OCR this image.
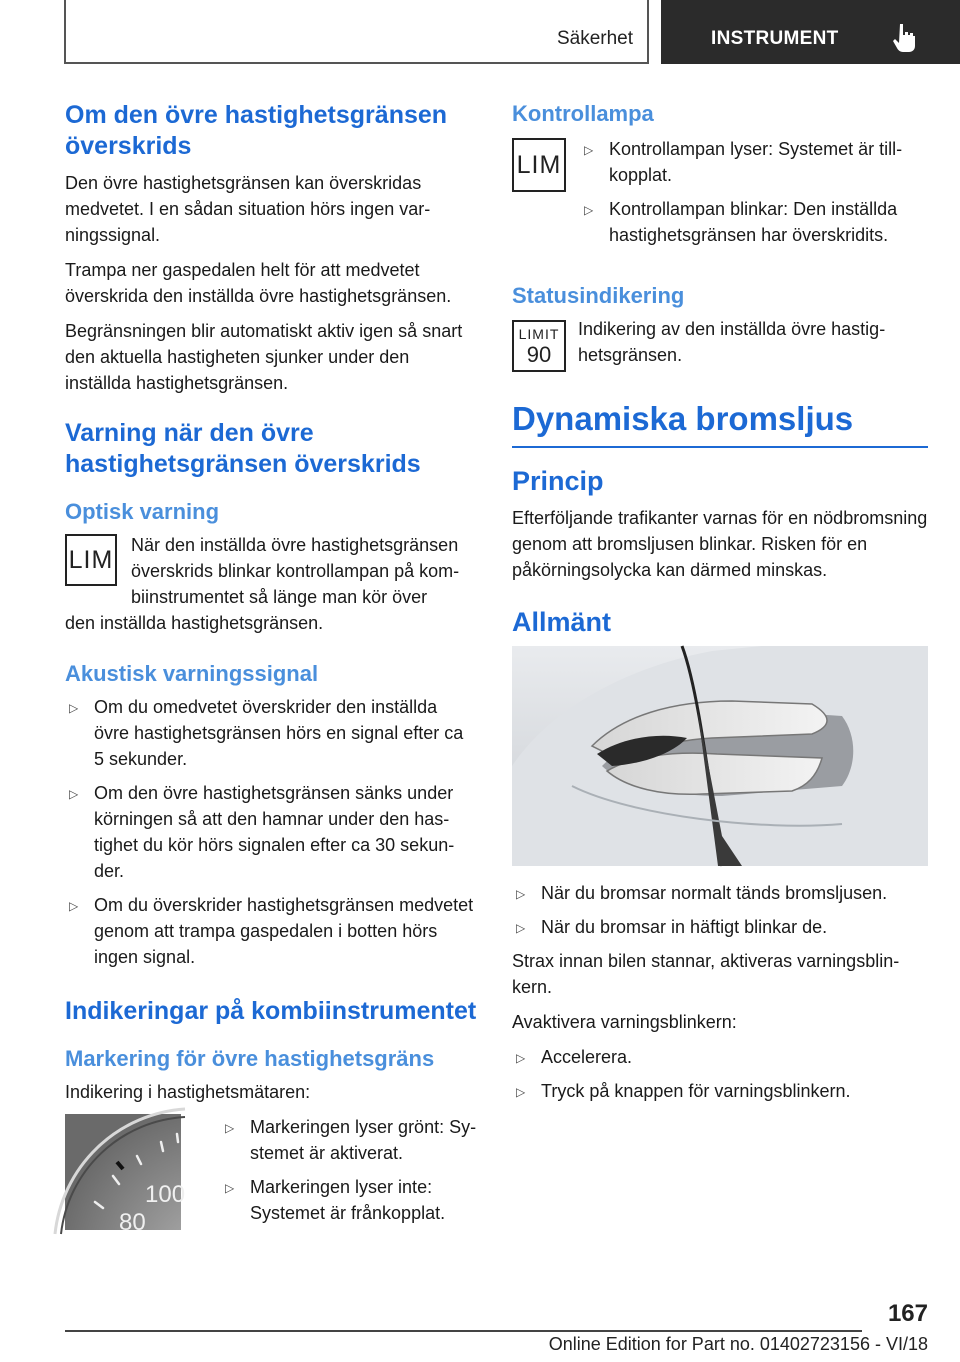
Säkerhet	INSTRUMENT
Om den övre hastighetsgränsen överskrids

Den övre hastighetsgränsen kan överskridas medvetet. I en sådan situation hörs ingen varningssignal.

Trampa ner gaspedalen helt för att medvetet överskrida den inställda övre hastighetsgränsen.

Begränsningen blir automatiskt aktiv igen så snart den aktuella hastigheten sjunker under den inställda hastighetsgränsen.

Varning när den övre hastighetsgränsen överskrids
Optisk varning
LIM

När den inställda övre hastighetsgränsen överskrids blinkar kontrollampan på kombiinstrumentet så länge man kör över

den inställda hastighetsgränsen.

Akustisk varningssignal
▷ Om du omedvetet överskrider den inställda övre hastighetsgränsen hörs en signal efter ca 5 sekunder.
▷ Om den övre hastighetsgränsen sänks under körningen så att den hamnar under den hastighet du kör hörs signalen efter ca 30 sekunder.
▷ Om du överskrider hastighetsgränsen medvetet genom att trampa gaspedalen i botten hörs ingen signal.
Indikeringar på kombiinstrumentet
Markering för övre hastighetsgräns

Indikering i hastighetsmätaren:

100
80
▷ Markeringen lyser grönt: Systemet är aktiverat.
▷ Markeringen lyser inte: Systemet är frånkopplat.
Kontrollampa
LIM
▷ Kontrollampan lyser: Systemet är tillkopplat.
▷ Kontrollampan blinkar: Den inställda hastighetsgränsen har överskridits.
Statusindikering
LIMIT
90

Indikering av den inställda övre hastighetsgränsen.

Dynamiska bromsljus
Princip

Efterföljande trafikanter varnas för en nödbromsning genom att bromsljusen blinkar. Risken för en påkörningsolycka kan därmed minskas.

Allmänt
▷ När du bromsar normalt tänds bromsljusen.
▷ När du bromsar in häftigt blinkar de.

Strax innan bilen stannar, aktiveras varningsblinkern.

Avaktivera varningsblinkern:

▷ Accelerera.
▷ Tryck på knappen för varningsblinkern.
167
Online Edition for Part no. 01402723156 - VI/18
